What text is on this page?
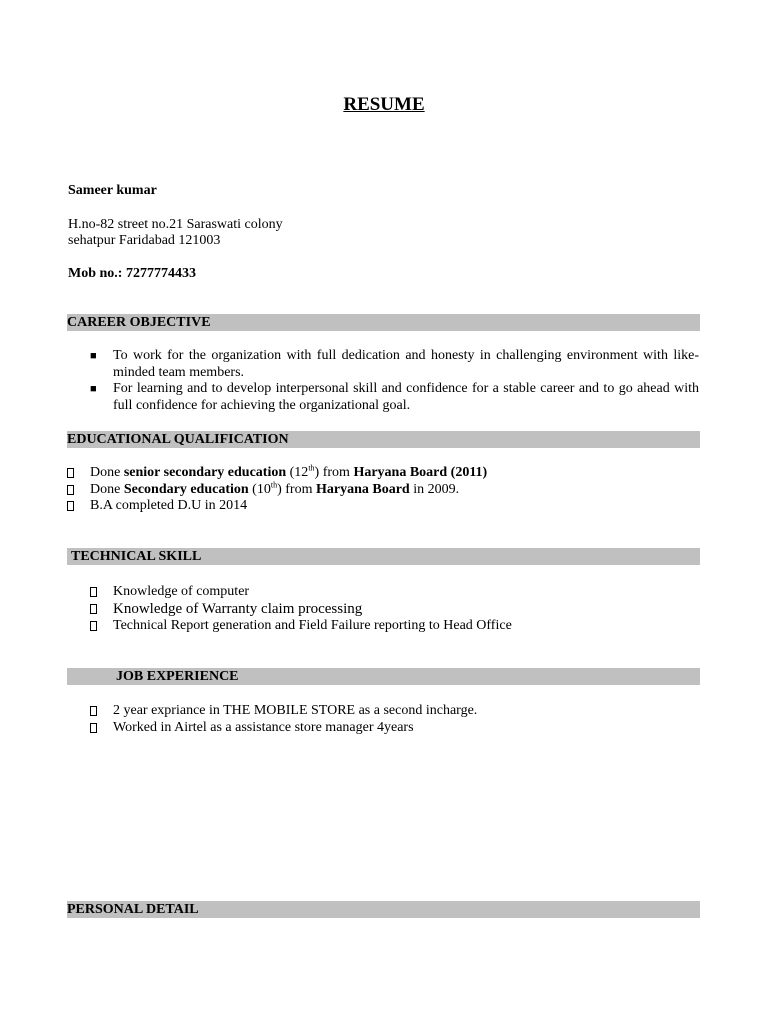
RESUME
Sameer kumar
H.no-82 street no.21 Saraswati colony
sehatpur Faridabad 121003
Mob no.: 7277774433
CAREER OBJECTIVE
■ To work for the organization with full dedication and honesty in challenging environment with like-minded team members.
■ For learning and to develop interpersonal skill and confidence for a stable career and to go ahead with full confidence for achieving the organizational goal.
EDUCATIONAL QUALIFICATION
Done senior secondary education (12th) from Haryana Board (2011)
Done Secondary education (10th) from Haryana Board in 2009.
B.A completed D.U in 2014
TECHNICAL SKILL
Knowledge of computer
Knowledge of Warranty claim processing
Technical Report generation and Field Failure reporting to Head Office
JOB EXPERIENCE
2 year expriance in THE MOBILE STORE as a second incharge.
Worked in Airtel as a assistance store manager 4years
PERSONAL DETAIL
